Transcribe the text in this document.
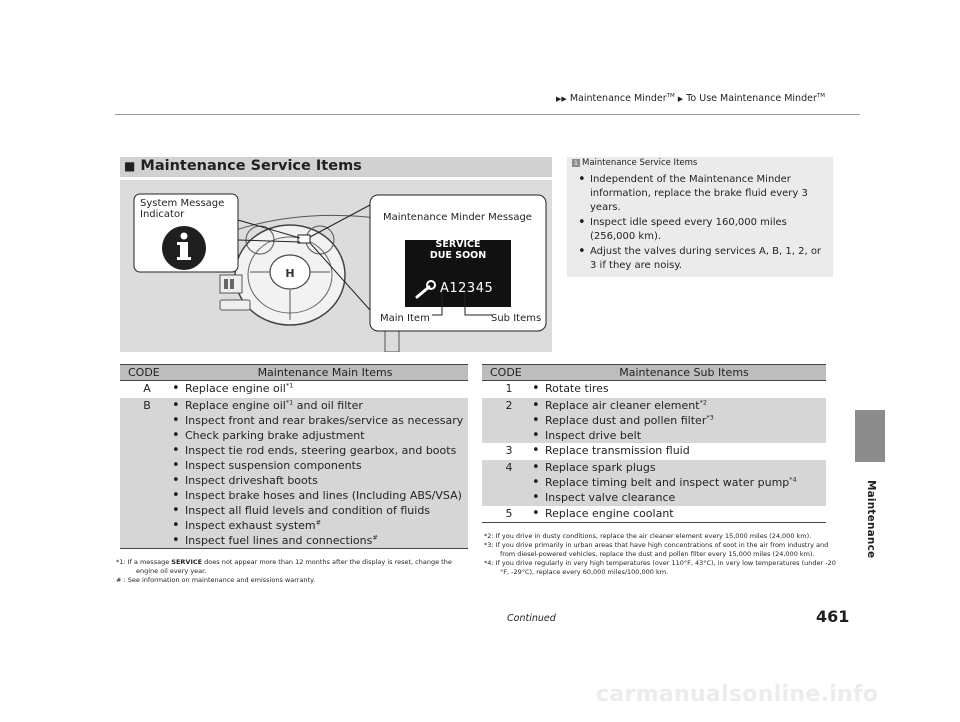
▶▶ Maintenance Minder™ ▶ To Use Maintenance Minder™
Maintenance
■ Maintenance Service Items
H
System Message Indicator	Maintenance Minder Message
SERVICE
DUE SOON
A12345
Main Item	Sub Items
1 Maintenance Service Items
• Independent of the Maintenance Minder information, replace the brake fluid every 3 years.
• Inspect idle speed every 160,000 miles (256,000 km).
• Adjust the valves during services A, B, 1, 2, or 3 if they are noisy.
CODE	Maintenance Main Items
A	• Replace engine oil$^{*1}$
B	• Replace engine oil$^{*1}$ and oil filter
• Inspect front and rear brakes/service as necessary
• Check parking brake adjustment
• Inspect tie rod ends, steering gearbox, and boots
• Inspect suspension components
• Inspect driveshaft boots
• Inspect brake hoses and lines (Including ABS/VSA)
• Inspect all fluid levels and condition of fluids
• Inspect exhaust system#
• Inspect fuel lines and connections#
CODE	Maintenance Sub Items
1	• Rotate tires
2	• Replace air cleaner element$^{*2}$
• Replace dust and pollen filter$^{*3}$
• Inspect drive belt
3	• Replace transmission fluid
4	• Replace spark plugs
• Replace timing belt and inspect water pump$^{*4}$
• Inspect valve clearance
5	• Replace engine coolant
*1: If a message SERVICE does not appear more than 12 months after the display is reset, change the
engine oil every year.
# : See information on maintenance and emissions warranty.
*2: If you drive in dusty conditions, replace the air cleaner element every 15,000 miles (24,000 km).
*3: If you drive primarily in urban areas that have high concentrations of soot in the air from industry and
from diesel-powered vehicles, replace the dust and pollen filter every 15,000 miles (24,000 km).
*4: If you drive regularly in very high temperatures (over 110°F, 43°C), in very low temperatures (under -20
°F, -29°C), replace every 60,000 miles/100,000 km.
Continued	461
carmanualsonline.info
